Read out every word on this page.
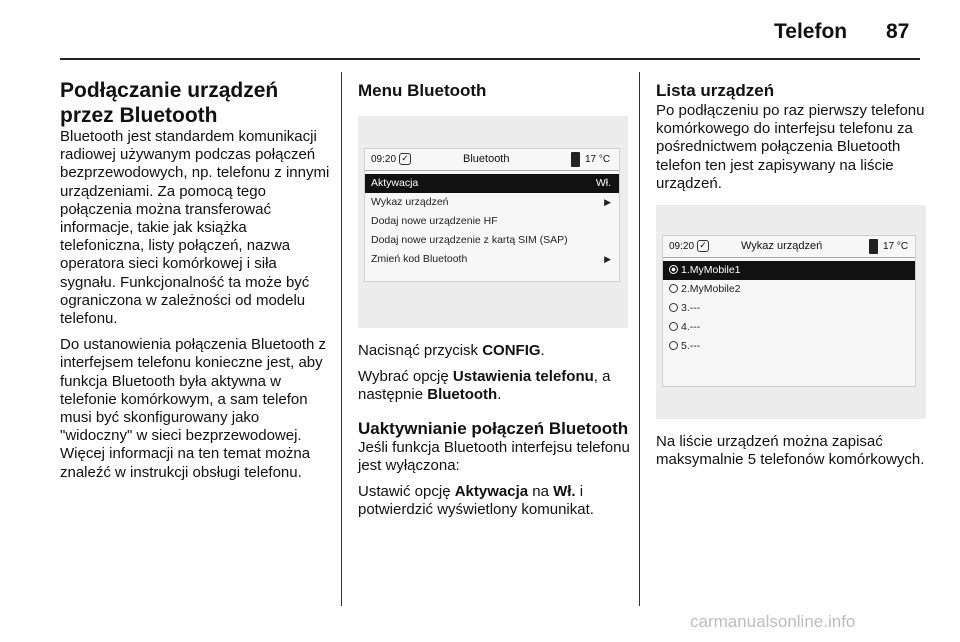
Telefon 87
Podłączanie urządzeń przez Bluetooth

Bluetooth jest standardem komunikacji radiowej używanym podczas połączeń bezprzewodowych, np. telefonu z innymi urządzeniami. Za pomocą tego połączenia można transferować informacje, takie jak książka telefoniczna, listy połączeń, nazwa operatora sieci komórkowej i siła sygnału. Funkcjonalność ta może być ograniczona w zależności od modelu telefonu.

Do ustanowienia połączenia Bluetooth z interfejsem telefonu konieczne jest, aby funkcja Bluetooth była aktywna w telefonie komórkowym, a sam telefon musi być skonfigurowany jako "widoczny" w sieci bezprzewodowej. Więcej informacji na ten temat można znaleźć w instrukcji obsługi telefonu.

Menu Bluetooth
09:20 ✓	Bluetooth	17 °C
Aktywacja	Wł.
Wykaz urządzeń	▶
Dodaj nowe urządzenie HF
Dodaj nowe urządzenie z kartą SIM (SAP)
Zmień kod Bluetooth	▶

Nacisnąć przycisk CONFIG.

Wybrać opcję Ustawienia telefonu, a następnie Bluetooth.

Uaktywnianie połączeń Bluetooth

Jeśli funkcja Bluetooth interfejsu telefonu jest wyłączona:

Ustawić opcję Aktywacja na Wł. i potwierdzić wyświetlony komunikat.

Lista urządzeń

Po podłączeniu po raz pierwszy telefonu komórkowego do interfejsu telefonu za pośrednictwem połączenia Bluetooth telefon ten jest zapisywany na liście urządzeń.

09:20 ✓	Wykaz urządzeń	17 °C
1.MyMobile1
2.MyMobile2
3.---
4.---
5.---

Na liście urządzeń można zapisać maksymalnie 5 telefonów komórkowych.

carmanualsonline.info
